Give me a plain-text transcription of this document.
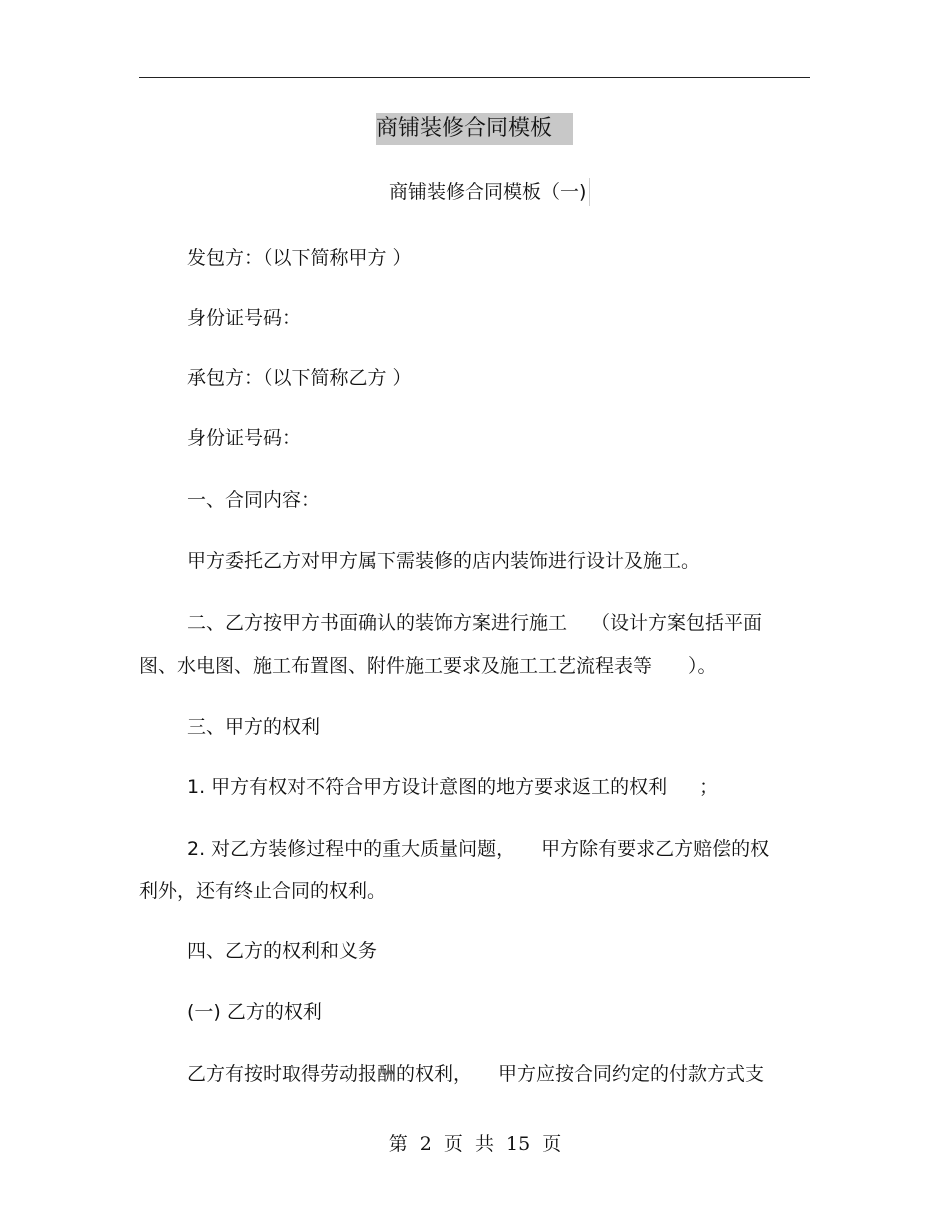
商铺装修合同模板
商铺装修合同模板（一)
发包方：（以下简称甲方 ）
身份证号码：
承包方：（以下简称乙方 ）
身份证号码：
一、合同内容：
甲方委托乙方对甲方属下需装修的店内装饰进行设计及施工。
二、乙方按甲方书面确认的装饰方案进行施工 （设计方案包括平面
图、水电图、施工布置图、附件施工要求及施工工艺流程表等 ）。
三、甲方的权利
1. 甲方有权对不符合甲方设计意图的地方要求返工的权利 ；
2. 对乙方装修过程中的重大质量问题， 甲方除有要求乙方赔偿的权
利外，还有终止合同的权利。
四、乙方的权利和义务
(一) 乙方的权利
乙方有按时取得劳动报酬的权利， 甲方应按合同约定的付款方式支
第 2 页 共 15 页
